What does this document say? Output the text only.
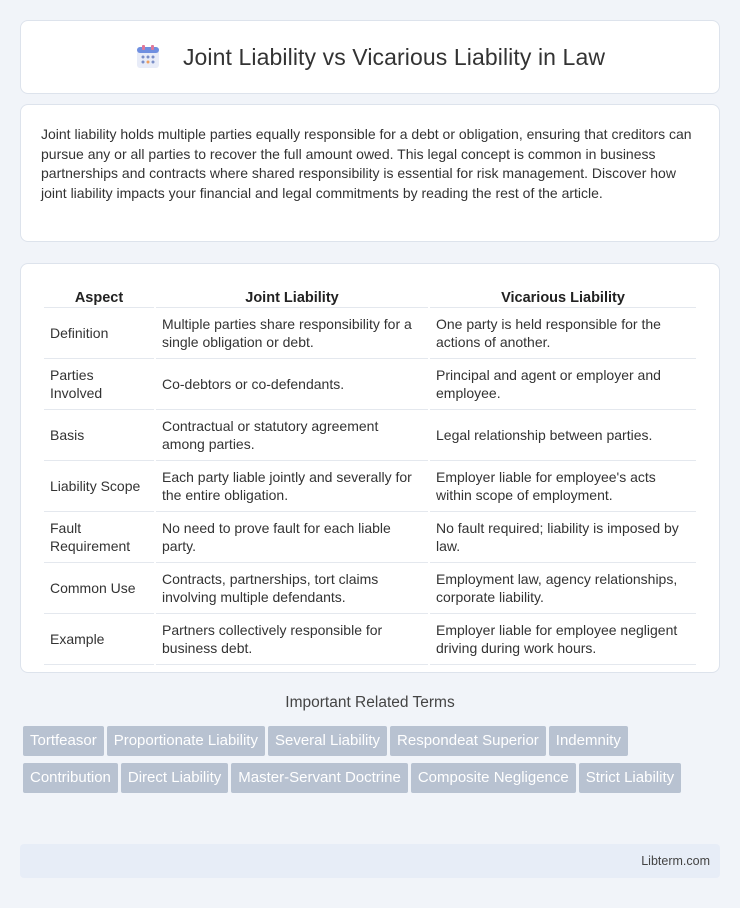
Joint Liability vs Vicarious Liability in Law

Joint liability holds multiple parties equally responsible for a debt or obligation, ensuring that creditors can pursue any or all parties to recover the full amount owed. This legal concept is common in business partnerships and contracts where shared responsibility is essential for risk management. Discover how joint liability impacts your financial and legal commitments by reading the rest of the article.

Aspect	Joint Liability	Vicarious Liability
Definition	Multiple parties share responsibility for a single obligation or debt.	One party is held responsible for the actions of another.
Parties Involved	Co-debtors or co-defendants.	Principal and agent or employer and employee.
Basis	Contractual or statutory agreement among parties.	Legal relationship between parties.
Liability Scope	Each party liable jointly and severally for the entire obligation.	Employer liable for employee's acts within scope of employment.
Fault Requirement	No need to prove fault for each liable party.	No fault required; liability is imposed by law.
Common Use	Contracts, partnerships, tort claims involving multiple defendants.	Employment law, agency relationships, corporate liability.
Example	Partners collectively responsible for business debt.	Employer liable for employee negligent driving during work hours.
Important Related Terms
Tortfeasor Proportionate Liability Several Liability Respondeat Superior IndemnityContribution Direct Liability Master-Servant Doctrine Composite Negligence Strict Liability
Libterm.com
